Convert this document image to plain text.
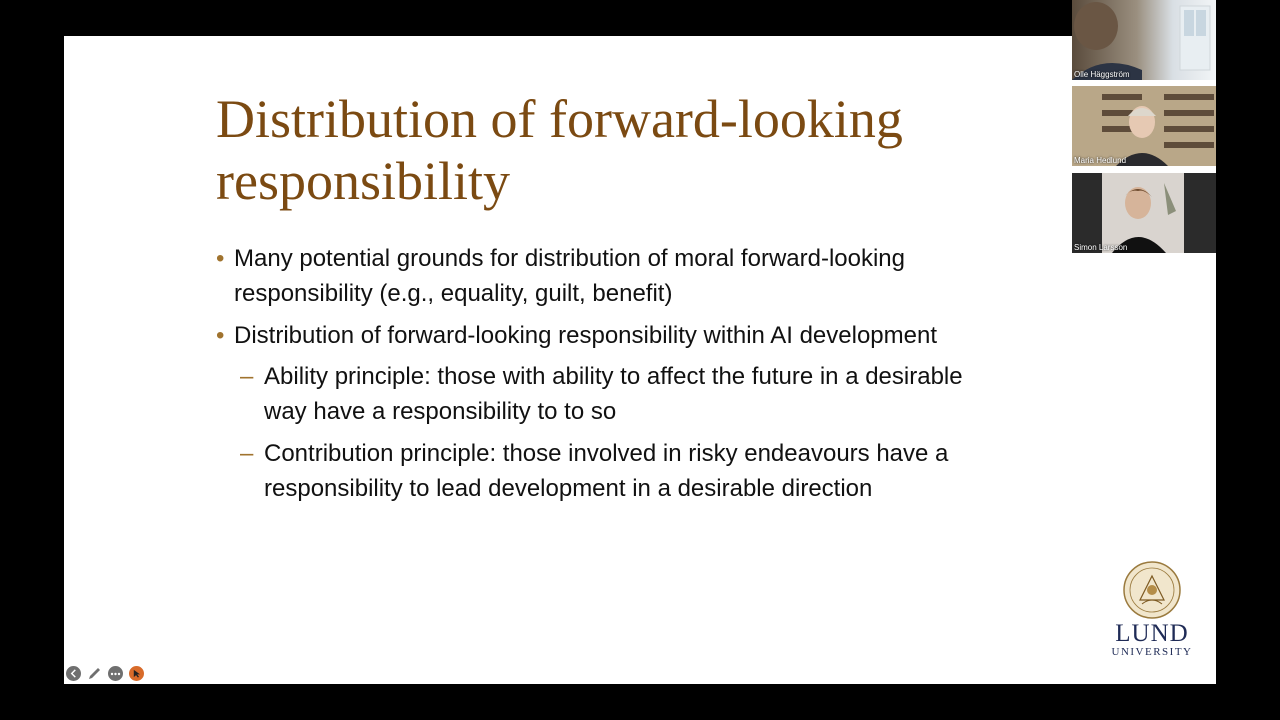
Distribution of forward-looking responsibility
• Many potential grounds for distribution of moral forward-looking
responsibility (e.g., equality, guilt, benefit)
• Distribution of forward-looking responsibility within AI development
– Ability principle: those with ability to affect the future in a desirable
way have a responsibility to to so
– Contribution principle: those involved in risky endeavours have a
responsibility to lead development in a desirable direction
LUND
UNIVERSITY
Olle Häggström
Maria Hedlund
Simon Larsson
